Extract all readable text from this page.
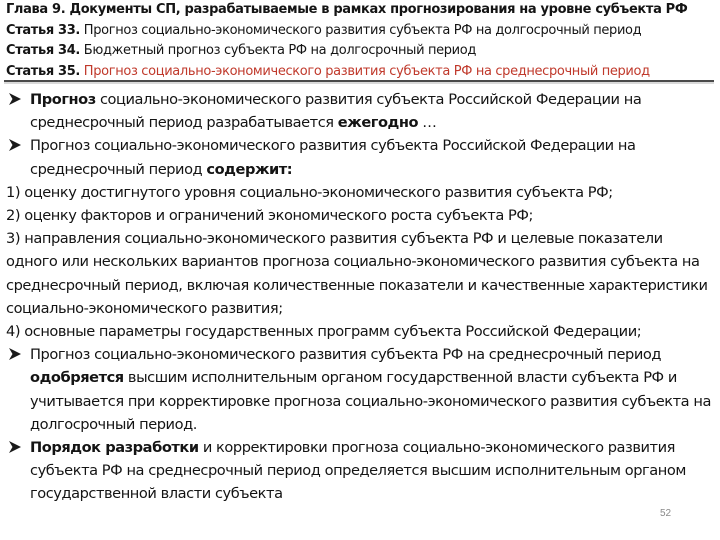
Глава 9. Документы СП, разрабатываемые в рамках прогнозирования на уровне субъекта РФ
Статья 33. Прогноз социально-экономического развития субъекта РФ на долгосрочный период
Статья 34. Бюджетный прогноз субъекта РФ на долгосрочный период
Статья 35. Прогноз социально-экономического развития субъекта РФ на среднесрочный период
Прогноз социально-экономического развития субъекта Российской Федерации на среднесрочный период разрабатывается ежегодно …
Прогноз социально-экономического развития субъекта Российской Федерации на среднесрочный период содержит:
1) оценку достигнутого уровня социально-экономического развития субъекта РФ;
2) оценку факторов и ограничений экономического роста субъекта РФ;
3) направления социально-экономического развития субъекта РФ и целевые показатели одного или нескольких вариантов прогноза социально-экономического развития субъекта на среднесрочный период, включая количественные показатели и качественные характеристики социально-экономического развития;
4) основные параметры государственных программ субъекта Российской Федерации;
Прогноз социально-экономического развития субъекта РФ на среднесрочный период одобряется высшим исполнительным органом государственной власти субъекта РФ и учитывается при корректировке прогноза социально-экономического развития субъекта на долгосрочный период.
Порядок разработки и корректировки прогноза социально-экономического развития субъекта РФ на среднесрочный период определяется высшим исполнительным органом государственной власти субъекта
52
